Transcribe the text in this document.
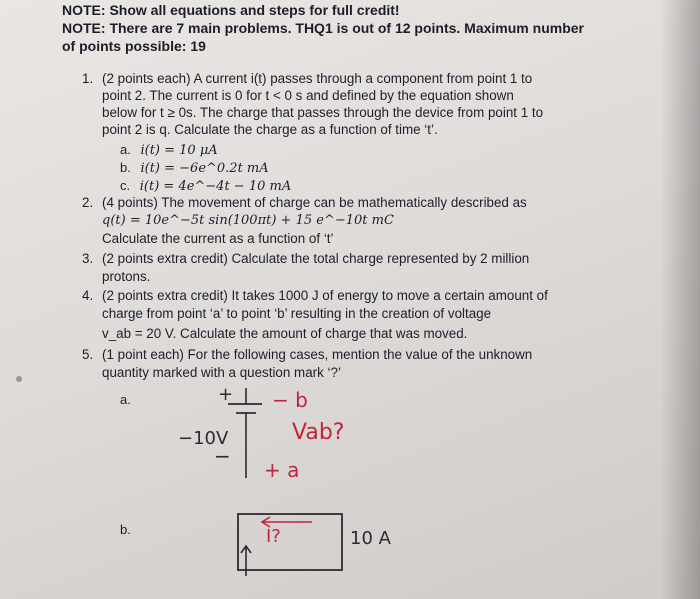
NOTE: Show all equations and steps for full credit!
NOTE: There are 7 main problems. THQ1 is out of 12 points. Maximum number
of points possible: 19
1. (2 points each) A current i(t) passes through a component from point 1 to
point 2. The current is 0 for t < 0 s and defined by the equation shown
below for t ≥ 0s. The charge that passes through the device from point 1 to
point 2 is q. Calculate the charge as a function of time ‘t’.
a. i(t) = 10 μA
b. i(t) = −6e^0.2t mA
c. i(t) = 4e^−4t − 10 mA
2. (4 points) The movement of charge can be mathematically described as
q(t) = 10e^−5t sin(100πt) + 15 e^−10t mC
Calculate the current as a function of ‘t’
3. (2 points extra credit) Calculate the total charge represented by 2 million
protons.
4. (2 points extra credit) It takes 1000 J of energy to move a certain amount of
charge from point ‘a’ to point ‘b’ resulting in the creation of voltage
v_ab = 20 V. Calculate the amount of charge that was moved.
5. (1 point each) For the following cases, mention the value of the unknown
quantity marked with a question mark ‘?’
a.
b.
−10V
+
−
− b
Vab?
+ a
I?	10 A
